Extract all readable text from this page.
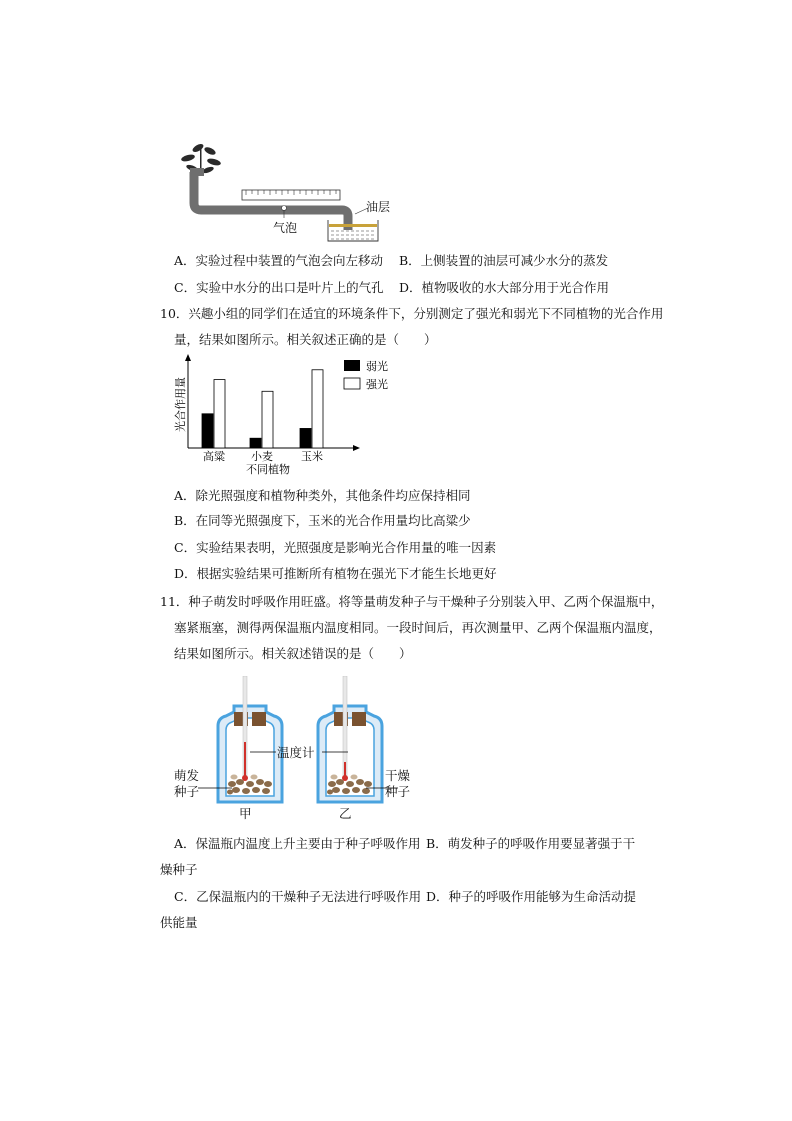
油层
气泡
A．实验过程中装置的气泡会向左移动 B．上侧装置的油层可减少水分的蒸发
C．实验中水分的出口是叶片上的气孔 D．植物吸收的水大部分用于光合作用
10．兴趣小组的同学们在适宜的环境条件下，分别测定了强光和弱光下不同植物的光合作用
量，结果如图所示。相关叙述正确的是（　　）
光合作用量
不同植物
高粱 小麦	玉米
弱光
强光
A．除光照强度和植物种类外，其他条件均应保持相同
B．在同等光照强度下，玉米的光合作用量均比高粱少
C．实验结果表明，光照强度是影响光合作用量的唯一因素
D．根据实验结果可推断所有植物在强光下才能生长地更好
11．种子萌发时呼吸作用旺盛。将等量萌发种子与干燥种子分别装入甲、乙两个保温瓶中，
塞紧瓶塞，测得两保温瓶内温度相同。一段时间后，再次测量甲、乙两个保温瓶内温度，
结果如图所示。相关叙述错误的是（　　）
温度计
萌发
种子
干燥
种子
甲	乙
A．保温瓶内温度上升主要由于种子呼吸作用 B．萌发种子的呼吸作用要显著强于干
燥种子
C．乙保温瓶内的干燥种子无法进行呼吸作用 D．种子的呼吸作用能够为生命活动提
供能量
